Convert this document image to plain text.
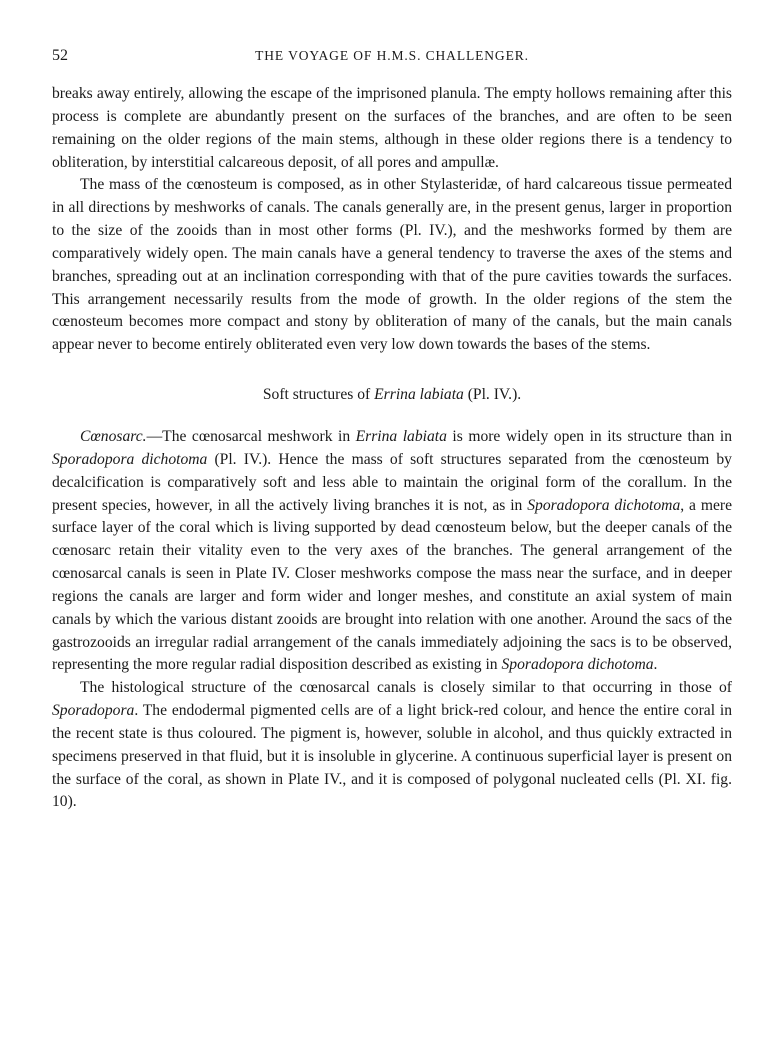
52	THE VOYAGE OF H.M.S. CHALLENGER.

breaks away entirely, allowing the escape of the imprisoned planula. The empty hollows remaining after this process is complete are abundantly present on the surfaces of the branches, and are often to be seen remaining on the older regions of the main stems, although in these older regions there is a tendency to obliteration, by interstitial calcareous deposit, of all pores and ampullæ.

The mass of the cœnosteum is composed, as in other Stylasteridæ, of hard calcareous tissue permeated in all directions by meshworks of canals. The canals generally are, in the present genus, larger in proportion to the size of the zooids than in most other forms (Pl. IV.), and the meshworks formed by them are comparatively widely open. The main canals have a general tendency to traverse the axes of the stems and branches, spreading out at an inclination corresponding with that of the pure cavities towards the surfaces. This arrangement necessarily results from the mode of growth. In the older regions of the stem the cœnosteum becomes more compact and stony by obliteration of many of the canals, but the main canals appear never to become entirely obliterated even very low down towards the bases of the stems.

Soft structures of Errina labiata (Pl. IV.).

Cœnosarc.—The cœnosarcal meshwork in Errina labiata is more widely open in its structure than in Sporadopora dichotoma (Pl. IV.). Hence the mass of soft structures separated from the cœnosteum by decalcification is comparatively soft and less able to maintain the original form of the corallum. In the present species, however, in all the actively living branches it is not, as in Sporadopora dichotoma, a mere surface layer of the coral which is living supported by dead cœnosteum below, but the deeper canals of the cœnosarc retain their vitality even to the very axes of the branches. The general arrangement of the cœnosarcal canals is seen in Plate IV. Closer meshworks compose the mass near the surface, and in deeper regions the canals are larger and form wider and longer meshes, and constitute an axial system of main canals by which the various distant zooids are brought into relation with one another. Around the sacs of the gastrozooids an irregular radial arrangement of the canals immediately adjoining the sacs is to be observed, representing the more regular radial disposition described as existing in Sporadopora dichotoma.

The histological structure of the cœnosarcal canals is closely similar to that occurring in those of Sporadopora. The endodermal pigmented cells are of a light brick-red colour, and hence the entire coral in the recent state is thus coloured. The pigment is, however, soluble in alcohol, and thus quickly extracted in specimens preserved in that fluid, but it is insoluble in glycerine. A continuous superficial layer is present on the surface of the coral, as shown in Plate IV., and it is composed of polygonal nucleated cells (Pl. XI. fig. 10).
